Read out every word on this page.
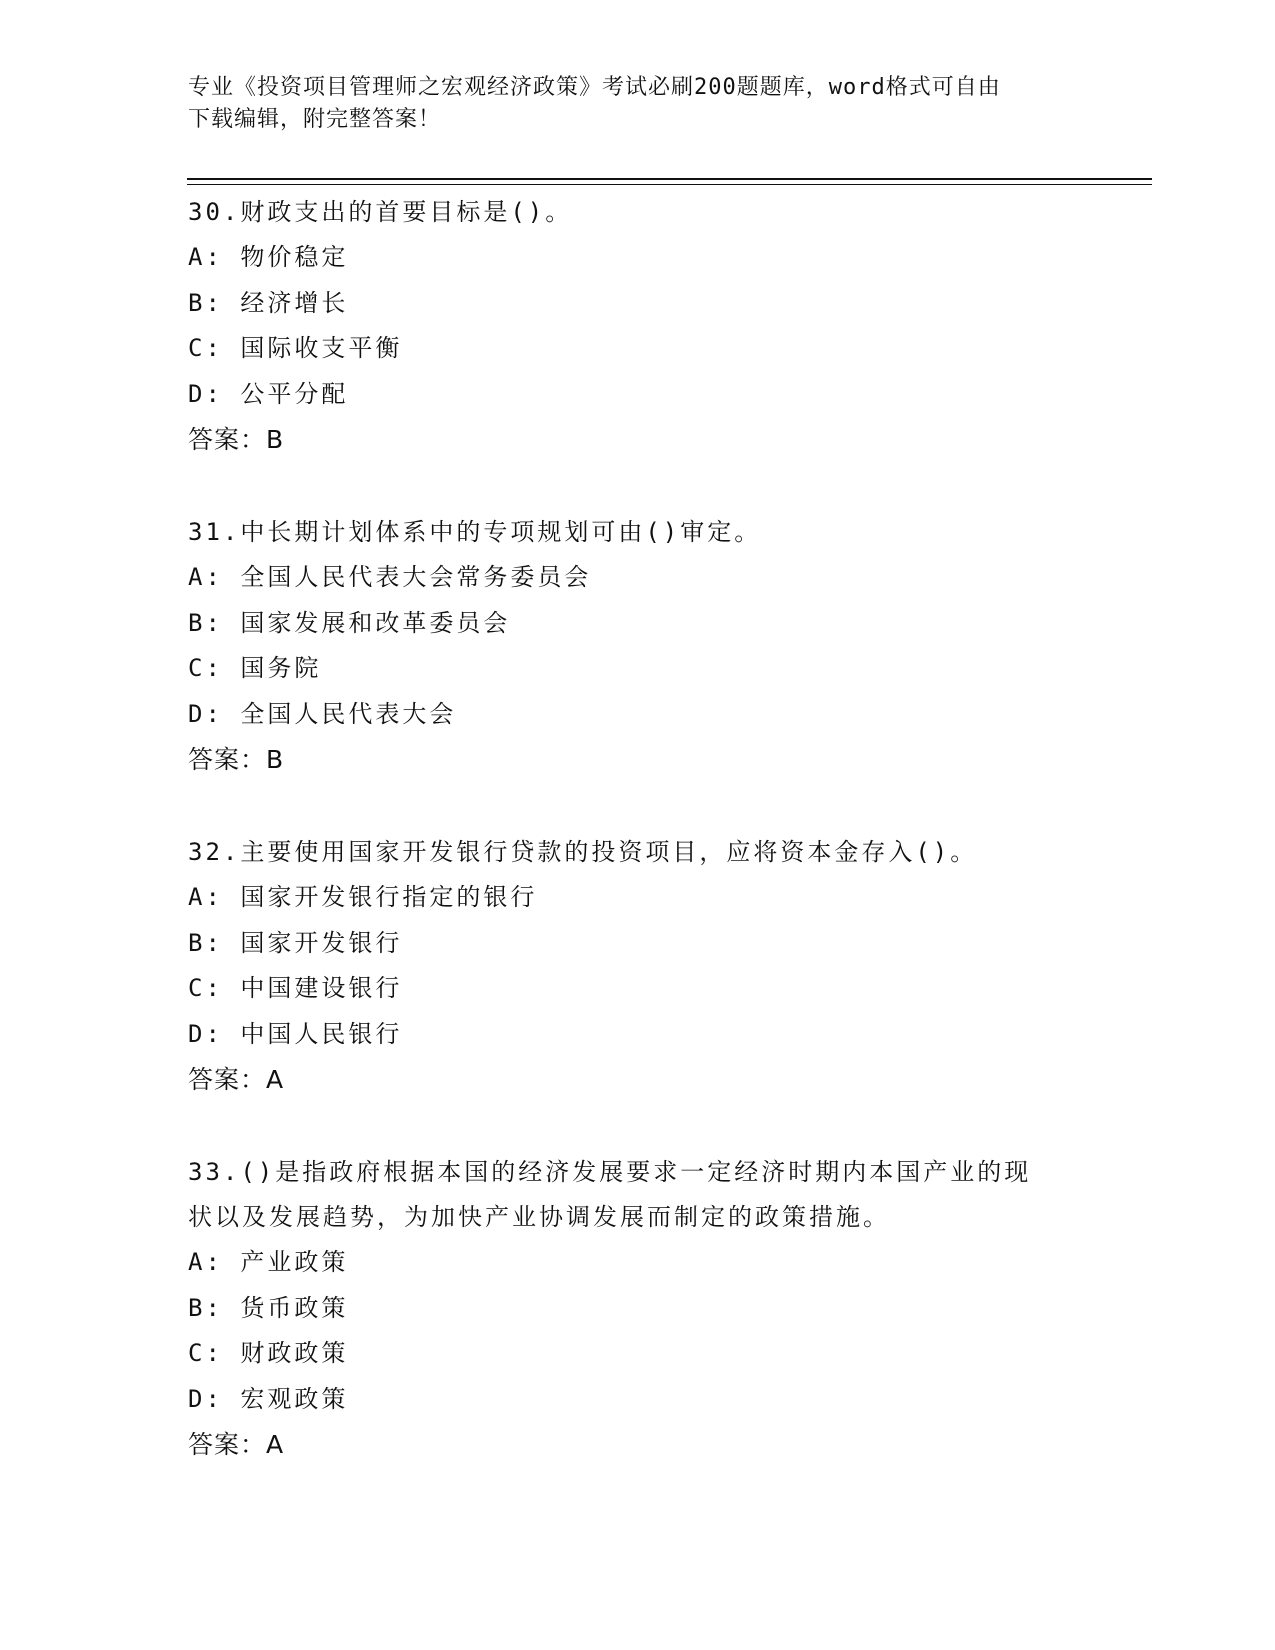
专业《投资项目管理师之宏观经济政策》考试必刷200题题库，word格式可自由
下载编辑，附完整答案！
30.财政支出的首要目标是()。
A: 物价稳定
B: 经济增长
C: 国际收支平衡
D: 公平分配
答案：B
31.中长期计划体系中的专项规划可由()审定。
A: 全国人民代表大会常务委员会
B: 国家发展和改革委员会
C: 国务院
D: 全国人民代表大会
答案：B
32.主要使用国家开发银行贷款的投资项目，应将资本金存入()。
A: 国家开发银行指定的银行
B: 国家开发银行
C: 中国建设银行
D: 中国人民银行
答案：A
33.()是指政府根据本国的经济发展要求一定经济时期内本国产业的现
状以及发展趋势，为加快产业协调发展而制定的政策措施。
A: 产业政策
B: 货币政策
C: 财政政策
D: 宏观政策
答案：A
